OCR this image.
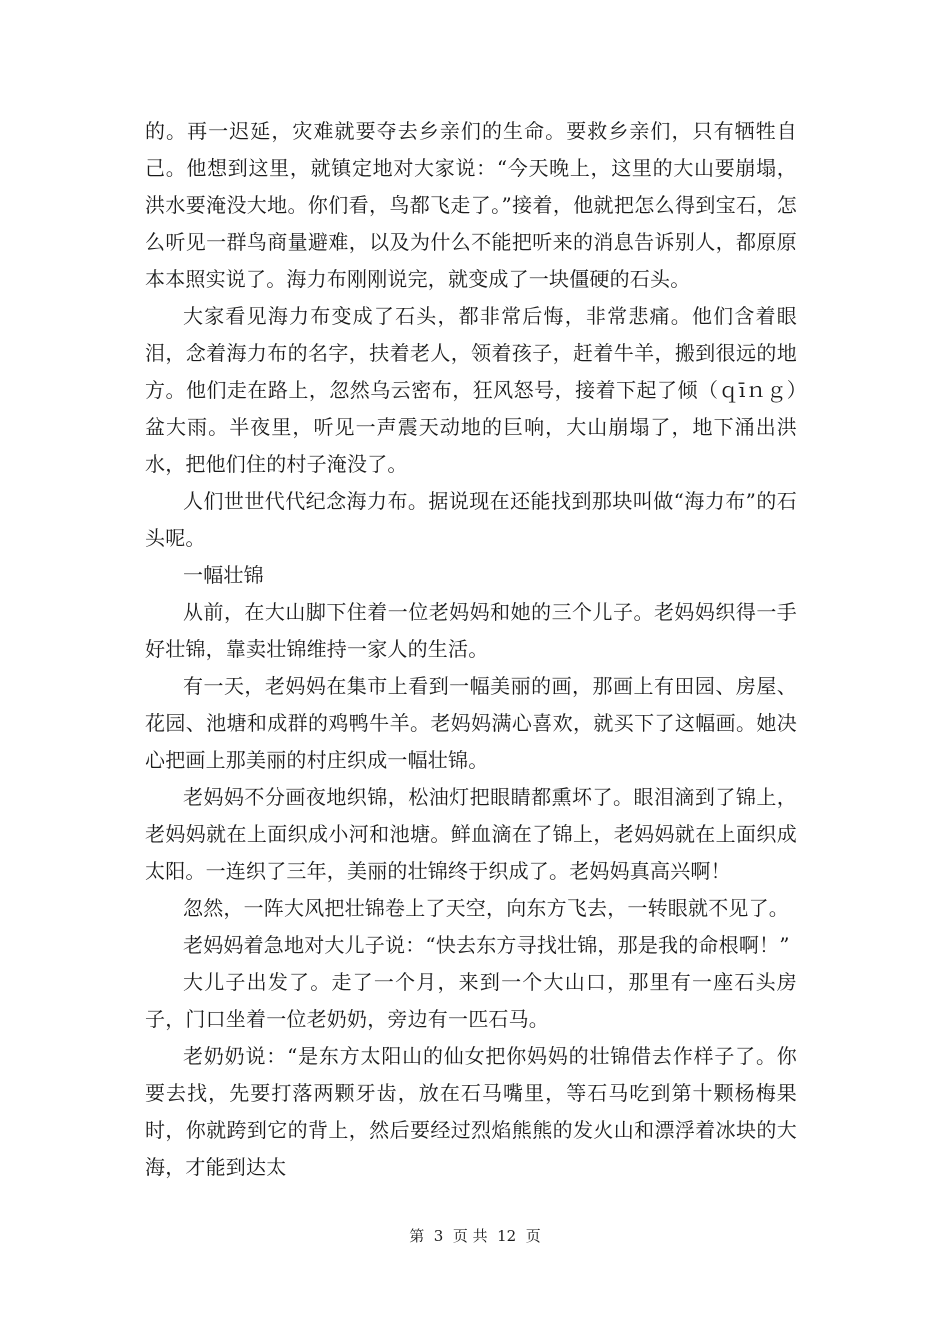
的。再一迟延，灾难就要夺去乡亲们的生命。要救乡亲们，只有牺牲自己。他想到这里，就镇定地对大家说：“今天晚上，这里的大山要崩塌，洪水要淹没大地。你们看，鸟都飞走了。”接着，他就把怎么得到宝石，怎么听见一群鸟商量避难，以及为什么不能把听来的消息告诉别人，都原原本本照实说了。海力布刚刚说完，就变成了一块僵硬的石头。

大家看见海力布变成了石头，都非常后悔，非常悲痛。他们含着眼泪，念着海力布的名字，扶着老人，领着孩子，赶着牛羊，搬到很远的地方。他们走在路上，忽然乌云密布，狂风怒号，接着下起了倾（ｑīｎｇ）盆大雨。半夜里，听见一声震天动地的巨响，大山崩塌了，地下涌出洪水，把他们住的村子淹没了。

人们世世代代纪念海力布。据说现在还能找到那块叫做“海力布”的石头呢。

一幅壮锦

从前，在大山脚下住着一位老妈妈和她的三个儿子。老妈妈织得一手好壮锦，靠卖壮锦维持一家人的生活。

有一天，老妈妈在集市上看到一幅美丽的画，那画上有田园、房屋、花园、池塘和成群的鸡鸭牛羊。老妈妈满心喜欢，就买下了这幅画。她决心把画上那美丽的村庄织成一幅壮锦。

老妈妈不分画夜地织锦，松油灯把眼睛都熏坏了。眼泪滴到了锦上，老妈妈就在上面织成小河和池塘。鲜血滴在了锦上，老妈妈就在上面织成太阳。一连织了三年，美丽的壮锦终于织成了。老妈妈真高兴啊！

忽然，一阵大风把壮锦卷上了天空，向东方飞去，一转眼就不见了。

老妈妈着急地对大儿子说：“快去东方寻找壮锦，那是我的命根啊！”

大儿子出发了。走了一个月，来到一个大山口，那里有一座石头房子，门口坐着一位老奶奶，旁边有一匹石马。

老奶奶说：“是东方太阳山的仙女把你妈妈的壮锦借去作样子了。你要去找，先要打落两颗牙齿，放在石马嘴里，等石马吃到第十颗杨梅果时，你就跨到它的背上，然后要经过烈焰熊熊的发火山和漂浮着冰块的大海，才能到达太

第  3  页 共  12  页
